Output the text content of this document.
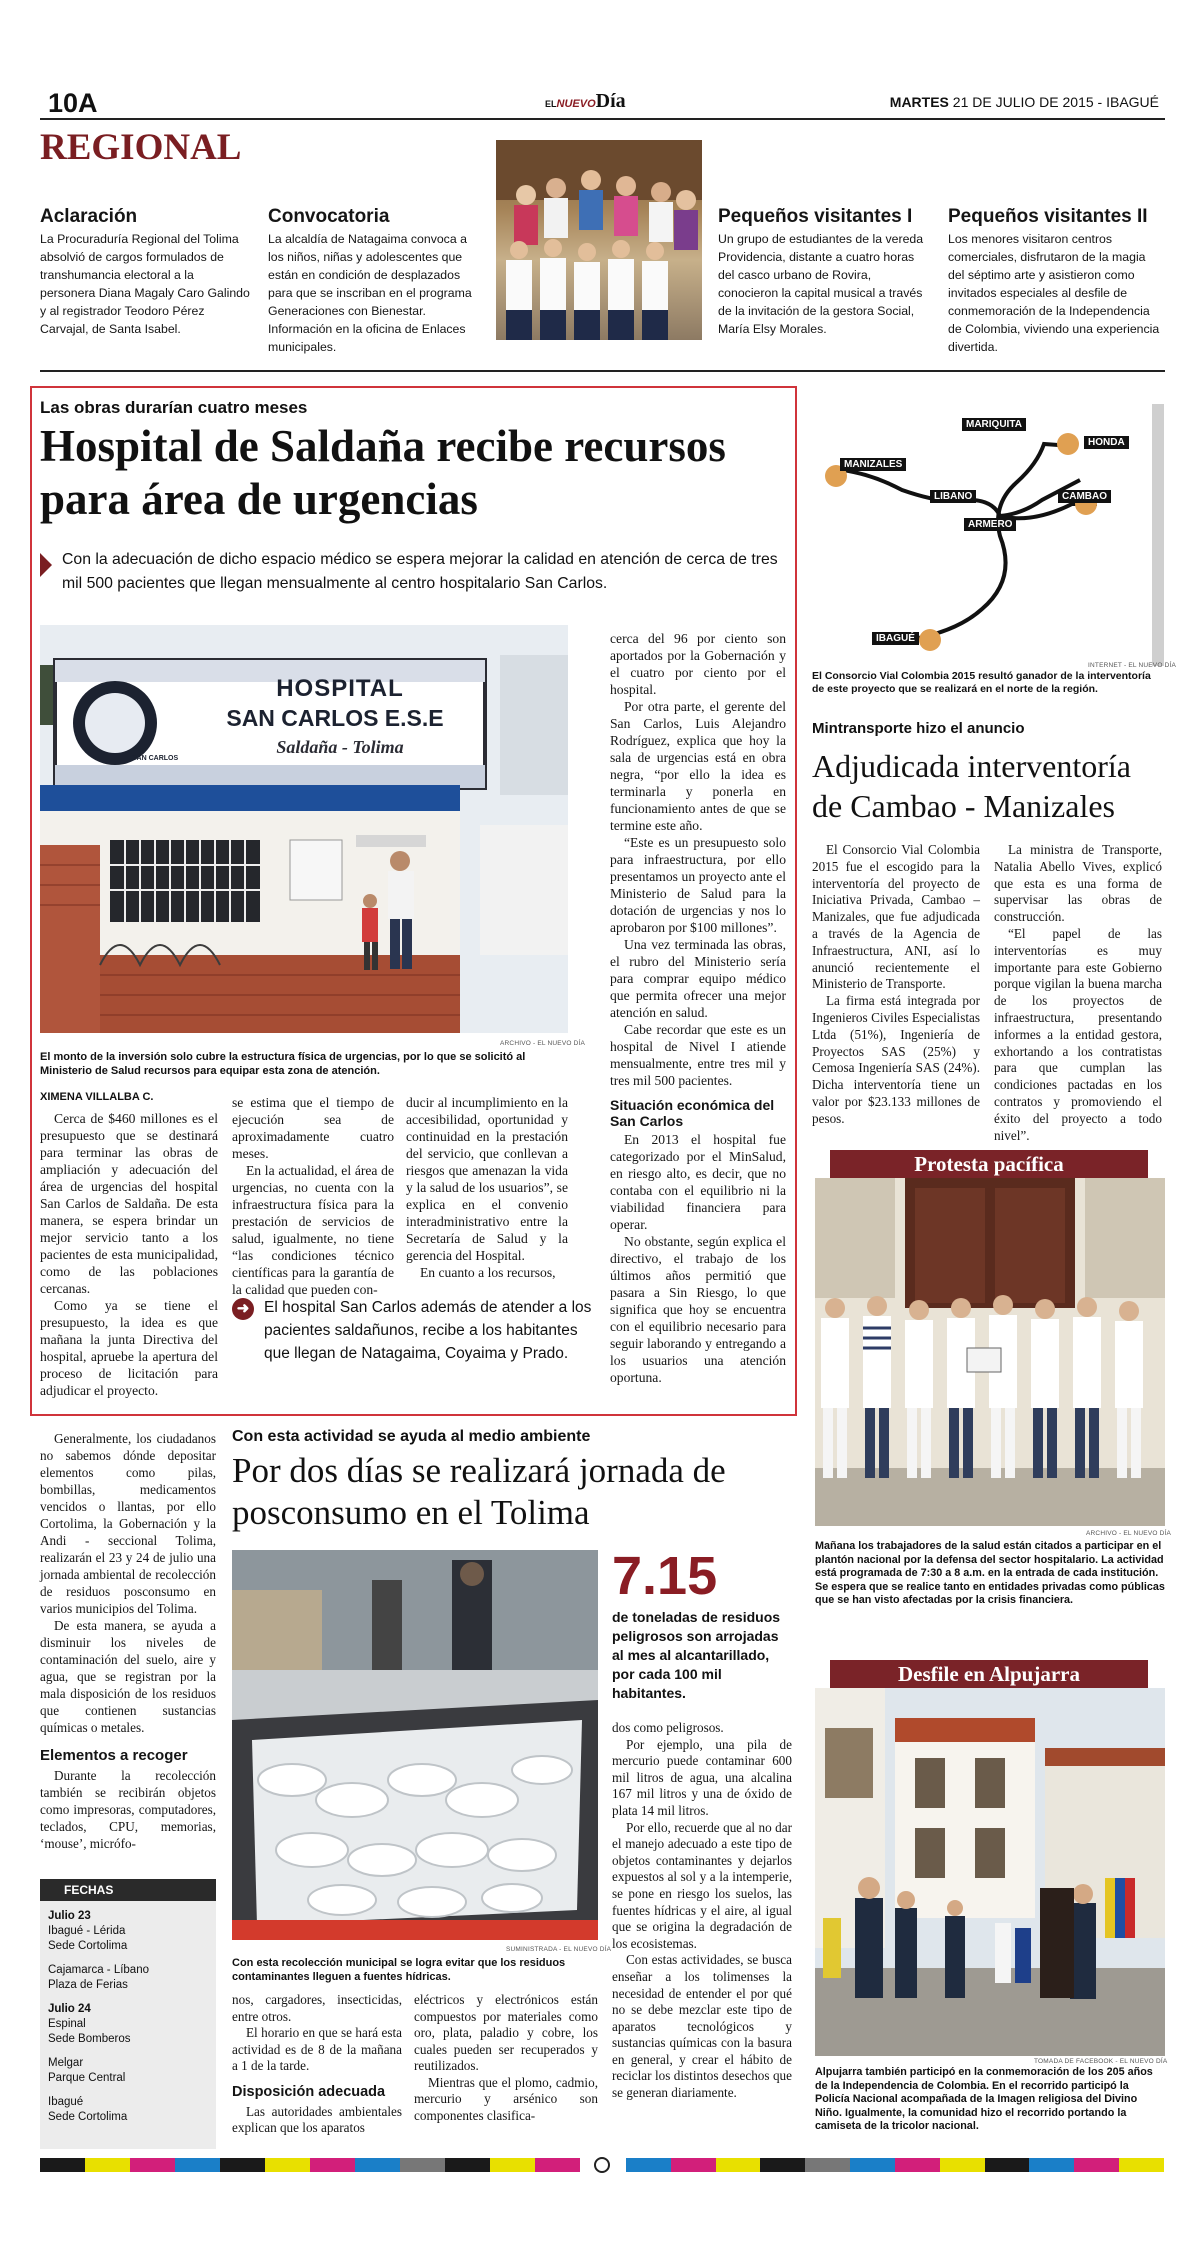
10A	ELNUEVODía	MARTES 21 DE JULIO DE 2015 - IBAGUÉ
REGIONAL
Aclaración
La Procuraduría Regional del Tolima absolvió de cargos formulados de transhumancia electoral a la personera Diana Magaly Caro Galindo y al registrador Teodoro Pérez Carvajal, de Santa Isabel.
Convocatoria
La alcaldía de Natagaima convoca a los niños, niñas y adolescentes que están en condición de desplazados para que se inscriban en el programa Generaciones con Bienestar. Información en la oficina de Enlaces municipales.
Pequeños visitantes I
Un grupo de estudiantes de la vereda Providencia, distante a cuatro horas del casco urbano de Rovira, conocieron la capital musical a través de la invitación de la gestora Social, María Elsy Morales.
Pequeños visitantes II
Los menores visitaron centros comerciales, disfrutaron de la magia del séptimo arte y asistieron como invitados especiales al desfile de conmemoración de la Independencia de Colombia, viviendo una experiencia divertida.
Las obras durarían cuatro meses
Hospital de Saldaña recibe recursos para área de urgencias
Con la adecuación de dicho espacio médico se espera mejorar la calidad en atención de cerca de tres mil 500 pacientes que llegan mensualmente al centro hospitalario San Carlos.
SAN CARLOS
HOSPITAL
SAN CARLOS E.S.E
Saldaña - Tolima
ARCHIVO - EL NUEVO DÍA
El monto de la inversión solo cubre la estructura física de urgencias, por lo que se solicitó al Ministerio de Salud recursos para equipar esta zona de atención.
XIMENA VILLALBA C.

Cerca de $460 millones es el presupuesto que se destinará para terminar las obras de ampliación y adecuación del área de urgencias del hospital San Carlos de Saldaña. De esta manera, se espera brindar un mejor servicio tanto a los pacientes de esta municipalidad, como de las poblaciones cercanas.

Como ya se tiene el presupuesto, la idea es que mañana la junta Directiva del hospital, apruebe la apertura del proceso de licitación para adjudicar el proyecto.

se estima que el tiempo de ejecución sea de aproximadamente cuatro meses.

En la actualidad, el área de urgencias, no cuenta con la infraestructura física para la prestación de servicios de salud, igualmente, no tiene “las condiciones técnico científicas para la garantía de la calidad que pueden con-

ducir al incumplimiento en la accesibilidad, oportunidad y continuidad en la prestación del servicio, que conllevan a riesgos que amenazan la vida y la salud de los usuarios”, se explica en el convenio interadministrativo entre la Secretaría de Salud y la gerencia del Hospital.

En cuanto a los recursos,

➜ El hospital San Carlos además de atender a los pacientes saldañunos, recibe a los habitantes que llegan de Natagaima, Coyaima y Prado.

cerca del 96 por ciento son aportados por la Gobernación y el cuatro por ciento por el hospital.

Por otra parte, el gerente del San Carlos, Luis Alejandro Rodríguez, explica que hoy la sala de urgencias está en obra negra, “por ello la idea es terminarla y ponerla en funcionamiento antes de que se termine este año.

“Este es un presupuesto solo para infraestructura, por ello presentamos un proyecto ante el Ministerio de Salud para la dotación de urgencias y nos lo aprobaron por $100 millones”.

Una vez terminada las obras, el rubro del Ministerio sería para comprar equipo médico que permita ofrecer una mejor atención en salud.

Cabe recordar que este es un hospital de Nivel I atiende mensualmente, entre tres mil y tres mil 500 pacientes.

Situación económica del San Carlos

En 2013 el hospital fue categorizado por el MinSalud, en riesgo alto, es decir, que no contaba con el equilibrio ni la viabilidad financiera para operar.

No obstante, según explica el directivo, el trabajo de los últimos años permitió que pasara a Sin Riesgo, lo que significa que hoy se encuentra con el equilibrio necesario para seguir laborando y entregando a los usuarios una atención oportuna.

MARIQUITA
HONDA
MANIZALES
LIBANO	CAMBAO
ARMERO
IBAGUÉ
INTERNET - EL NUEVO DÍA
El Consorcio Vial Colombia 2015 resultó ganador de la interventoría de este proyecto que se realizará en el norte de la región.
Mintransporte hizo el anuncio
Adjudicada interventoría de Cambao - Manizales

El Consorcio Vial Colombia 2015 fue el escogido para la interventoría del proyecto de Iniciativa Privada, Cambao – Manizales, que fue adjudicada a través de la Agencia de Infraestructura, ANI, así lo anunció recientemente el Ministerio de Transporte.

La firma está integrada por Ingenieros Civiles Especialistas Ltda (51%), Ingeniería de Proyectos SAS (25%) y Cemosa Ingeniería SAS (24%). Dicha interventoría tiene un valor por $23.133 millones de pesos.

La ministra de Transporte, Natalia Abello Vives, explicó que esta es una forma de supervisar las obras de construcción.

“El papel de las interventorías es muy importante para este Gobierno porque vigilan la buena marcha de los proyectos de infraestructura, presentando informes a la entidad gestora, exhortando a los contratistas para que cumplan las condiciones pactadas en los contratos y promoviendo el éxito del proyecto a todo nivel”.

Protesta pacífica
ARCHIVO - EL NUEVO DÍA
Mañana los trabajadores de la salud están citados a participar en el plantón nacional por la defensa del sector hospitalario. La actividad está programada de 7:30 a 8 a.m. en la entrada de cada institución. Se espera que se realice tanto en entidades privadas como públicas que se han visto afectadas por la crisis financiera.
Desfile en Alpujarra
TOMADA DE FACEBOOK - EL NUEVO DÍA
Alpujarra también participó en la conmemoración de los 205 años de la Independencia de Colombia. En el recorrido participó la Policía Nacional acompañada de la Imagen religiosa del Divino Niño. Igualmente, la comunidad hizo el recorrido portando la camiseta de la tricolor nacional.
Con esta actividad se ayuda al medio ambiente
Por dos días se realizará jornada de posconsumo en el Tolima

Generalmente, los ciudadanos no sabemos dónde depositar elementos como pilas, bombillas, medicamentos vencidos o llantas, por ello Cortolima, la Gobernación y la Andi - seccional Tolima, realizarán el 23 y 24 de julio una jornada ambiental de recolección de residuos posconsumo en varios municipios del Tolima.

De esta manera, se ayuda a disminuir los niveles de contaminación del suelo, aire y agua, que se registran por la mala disposición de los residuos que contienen sustancias químicas o metales.

Elementos a recoger

Durante la recolección también se recibirán objetos como impresoras, computadores, teclados, CPU, memorias, ‘mouse’, micrófo-

FECHAS
Julio 23
Ibagué - Lérida
Sede Cortolima
Cajamarca - Líbano
Plaza de Ferias
Julio 24
Espinal
Sede Bomberos
Melgar
Parque Central
Ibagué
Sede Cortolima
SUMINISTRADA - EL NUEVO DÍA
Con esta recolección municipal se logra evitar que los residuos contaminantes lleguen a fuentes hídricas.
7.15
de toneladas de residuos peligrosos son arrojadas al mes al alcantarillado, por cada 100 mil habitantes.

nos, cargadores, insecticidas, entre otros.

El horario en que se hará esta actividad es de 8 de la mañana a 1 de la tarde.

Disposición adecuada

Las autoridades ambientales explican que los aparatos

eléctricos y electrónicos están compuestos por materiales como oro, plata, paladio y cobre, los cuales pueden ser recuperados y reutilizados.

Mientras que el plomo, cadmio, mercurio y arsénico son componentes clasifica-

dos como peligrosos.

Por ejemplo, una pila de mercurio puede contaminar 600 mil litros de agua, una alcalina 167 mil litros y una de óxido de plata 14 mil litros.

Por ello, recuerde que al no dar el manejo adecuado a este tipo de objetos contaminantes y dejarlos expuestos al sol y a la intemperie, se pone en riesgo los suelos, las fuentes hídricas y el aire, al igual que se origina la degradación de los ecosistemas.

Con estas actividades, se busca enseñar a los tolimenses la necesidad de entender el por qué no se debe mezclar este tipo de aparatos tecnológicos y sustancias químicas con la basura en general, y crear el hábito de reciclar los distintos desechos que se generan diariamente.
